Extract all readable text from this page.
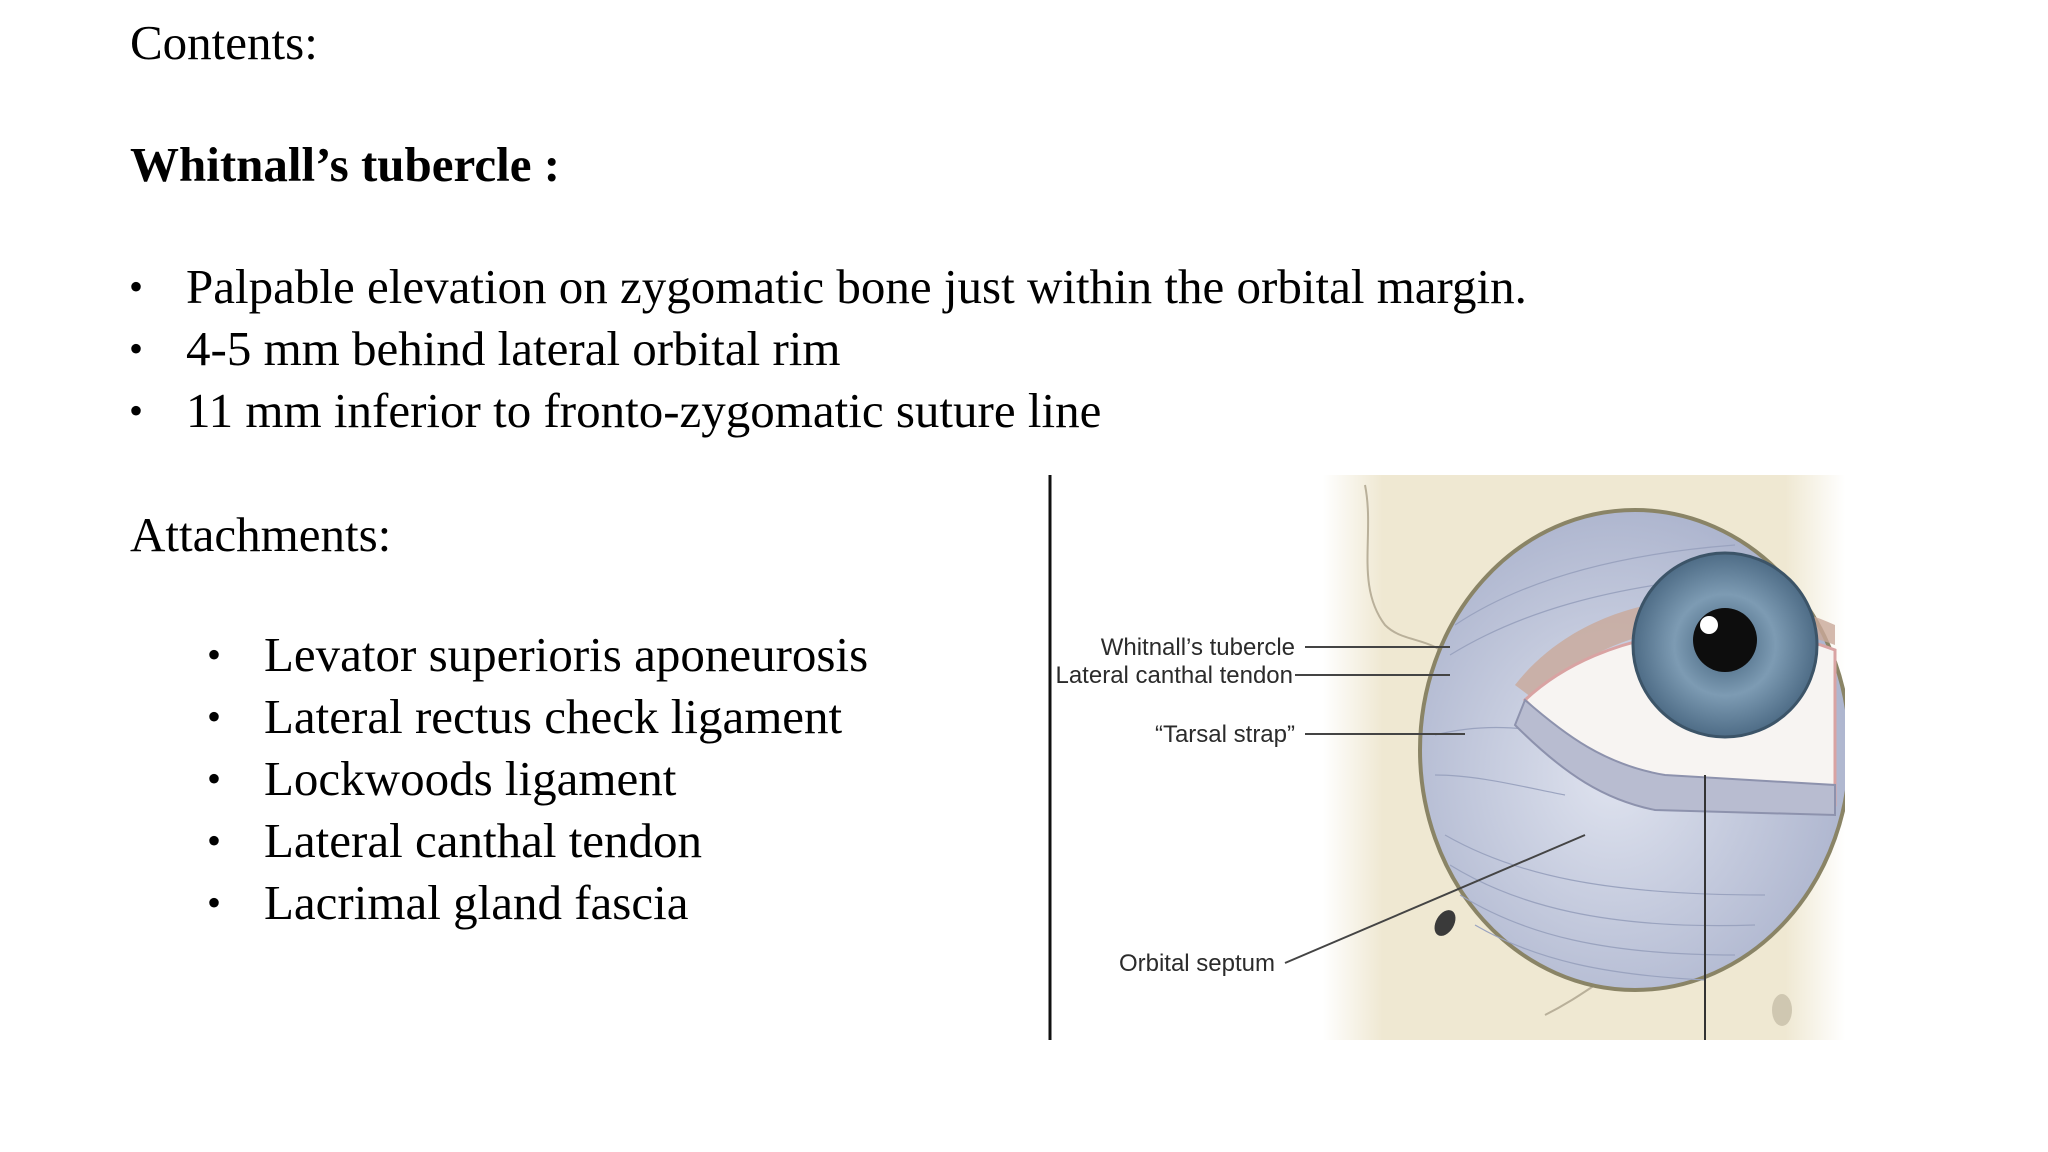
Contents:
Whitnall’s tubercle :
• Palpable elevation on zygomatic bone just within the orbital margin.
• 4-5 mm behind lateral orbital rim
• 11 mm inferior to fronto-zygomatic suture line
Attachments:
• Levator superioris aponeurosis
• Lateral rectus check ligament
• Lockwoods ligament
• Lateral canthal tendon
• Lacrimal gland fascia
Whitnall’s tubercle
Lateral canthal tendon
“Tarsal strap”
Orbital septum
